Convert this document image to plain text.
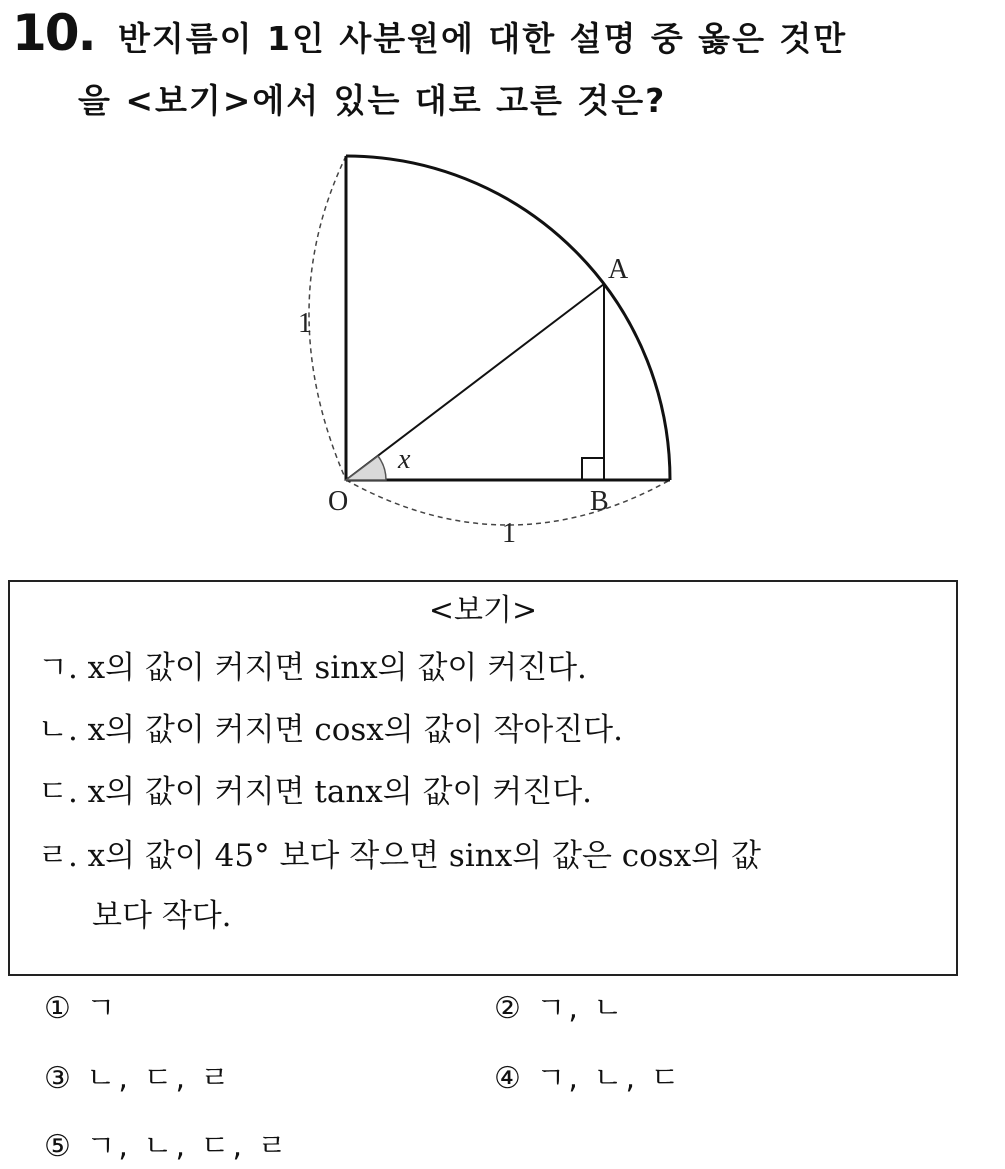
10. 반지름이 1인 사분원에 대한 설명 중 옳은 것만
을 <보기>에서 있는 대로 고른 것은?
A
B
O
x
1
1
<보기>
ㄱ. x의 값이 커지면 sinx의 값이 커진다.
ㄴ. x의 값이 커지면 cosx의 값이 작아진다.
ㄷ. x의 값이 커지면 tanx의 값이 커진다.
ㄹ. x의 값이 45° 보다 작으면 sinx의 값은 cosx의 값
보다 작다.
① ㄱ	② ㄱ, ㄴ
③ ㄴ, ㄷ, ㄹ	④ ㄱ, ㄴ, ㄷ
⑤ ㄱ, ㄴ, ㄷ, ㄹ
